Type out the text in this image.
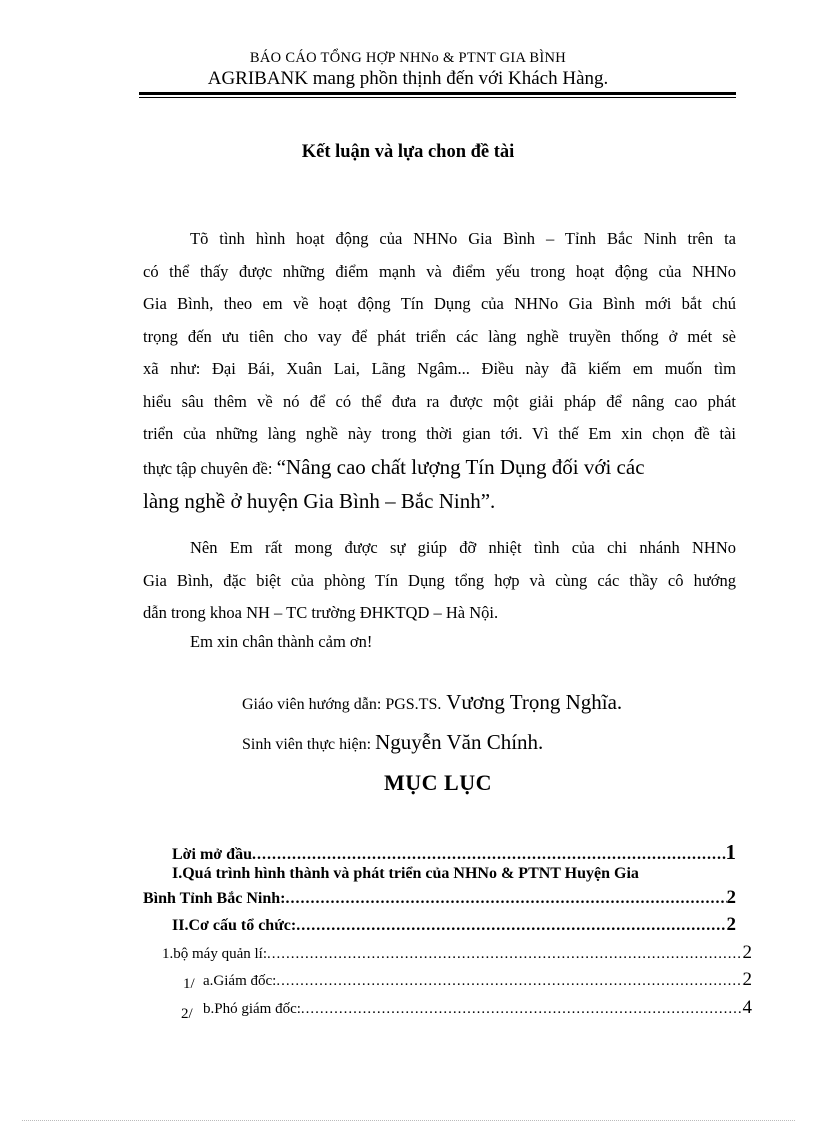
BÁO CÁO TỔNG HỢP NHNo & PTNT GIA BÌNH
AGRIBANK mang phồn thịnh đến với Khách Hàng.
Kết luận và lựa chon đề tài
Tõ tình hình hoạt động của NHNo Gia Bình – Tỉnh Bắc Ninh trên ta
có thể thấy được những điểm mạnh và điểm yếu trong hoạt động của NHNo
Gia Bình, theo em về hoạt động Tín Dụng của NHNo Gia Bình mới bắt chú
trọng đến ưu tiên cho vay để phát triển các làng nghề truyền thống ở mét sè
xã như: Đại Bái, Xuân Lai, Lãng Ngâm... Điều này đã kiếm em muốn tìm
hiểu sâu thêm về nó để có thể đưa ra được một giải pháp để nâng cao phát
triển của những làng nghề này trong thời gian tới. Vì thế Em xin chọn đề tài
thực tập chuyên đề: “Nâng cao chất lượng Tín Dụng đối với các
làng nghề ở huyện Gia Bình – Bắc Ninh”.
Nên Em rất mong được sự giúp đỡ nhiệt tình của chi nhánh NHNo
Gia Bình, đặc biệt của phòng Tín Dụng tổng hợp và cùng các thầy cô hướng
dẫn trong khoa NH – TC trường ĐHKTQD – Hà Nội.
Em xin chân thành cảm ơn!
Giáo viên hướng dẫn: PGS.TS. Vương Trọng Nghĩa.
Sinh viên thực hiện: Nguyễn Văn Chính.
MỤC LỤC
Lời mở đầu .....	1
I.Quá trình hình thành và phát triển của NHNo & PTNT Huyện Gia
Bình Tỉnh Bắc Ninh: .....	2
II.Cơ cấu tổ chức: .....	2
1.bộ máy quản lí: .....	2
1/ a.Giám đốc: .....	2
2/ b.Phó giám đốc: .....	4
